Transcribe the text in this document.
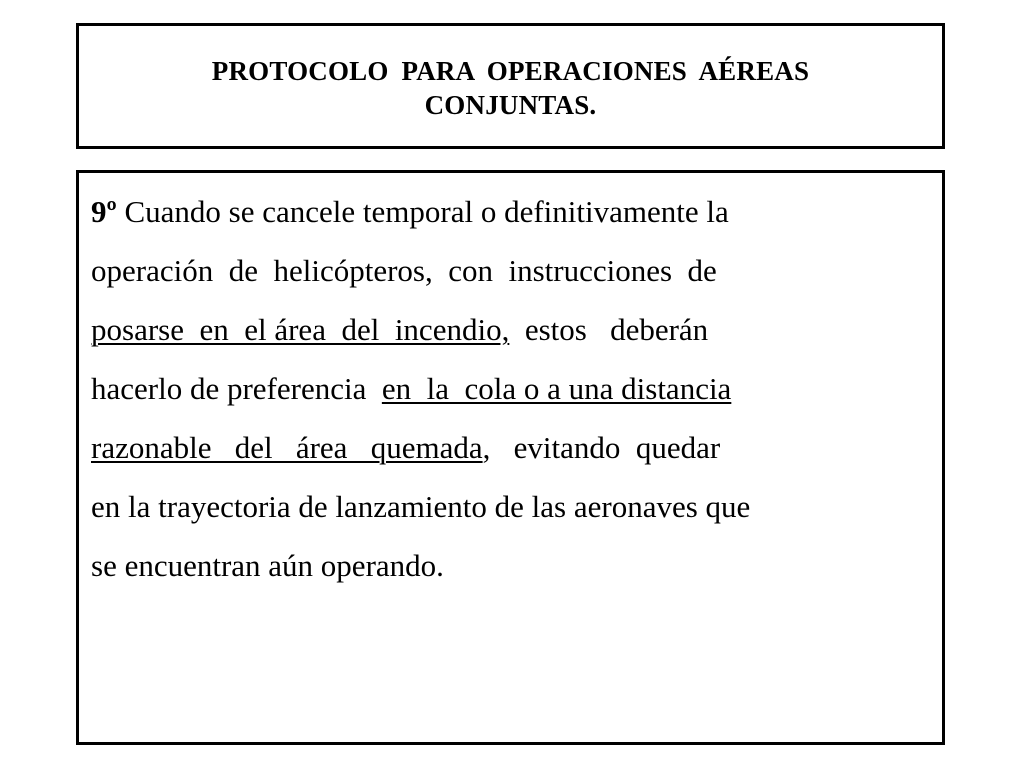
PROTOCOLO PARA OPERACIONES AÉREAS
CONJUNTAS.

9º Cuando se cancele temporal o definitivamente la
operación  de  helicópteros,  con  instrucciones  de
posarse  en  el área  del  incendio,  estos   deberán
hacerlo de preferencia  en  la  cola o a una distancia
razonable   del   área   quemada,   evitando  quedar
en la trayectoria de lanzamiento de las aeronaves que
se encuentran aún operando.
